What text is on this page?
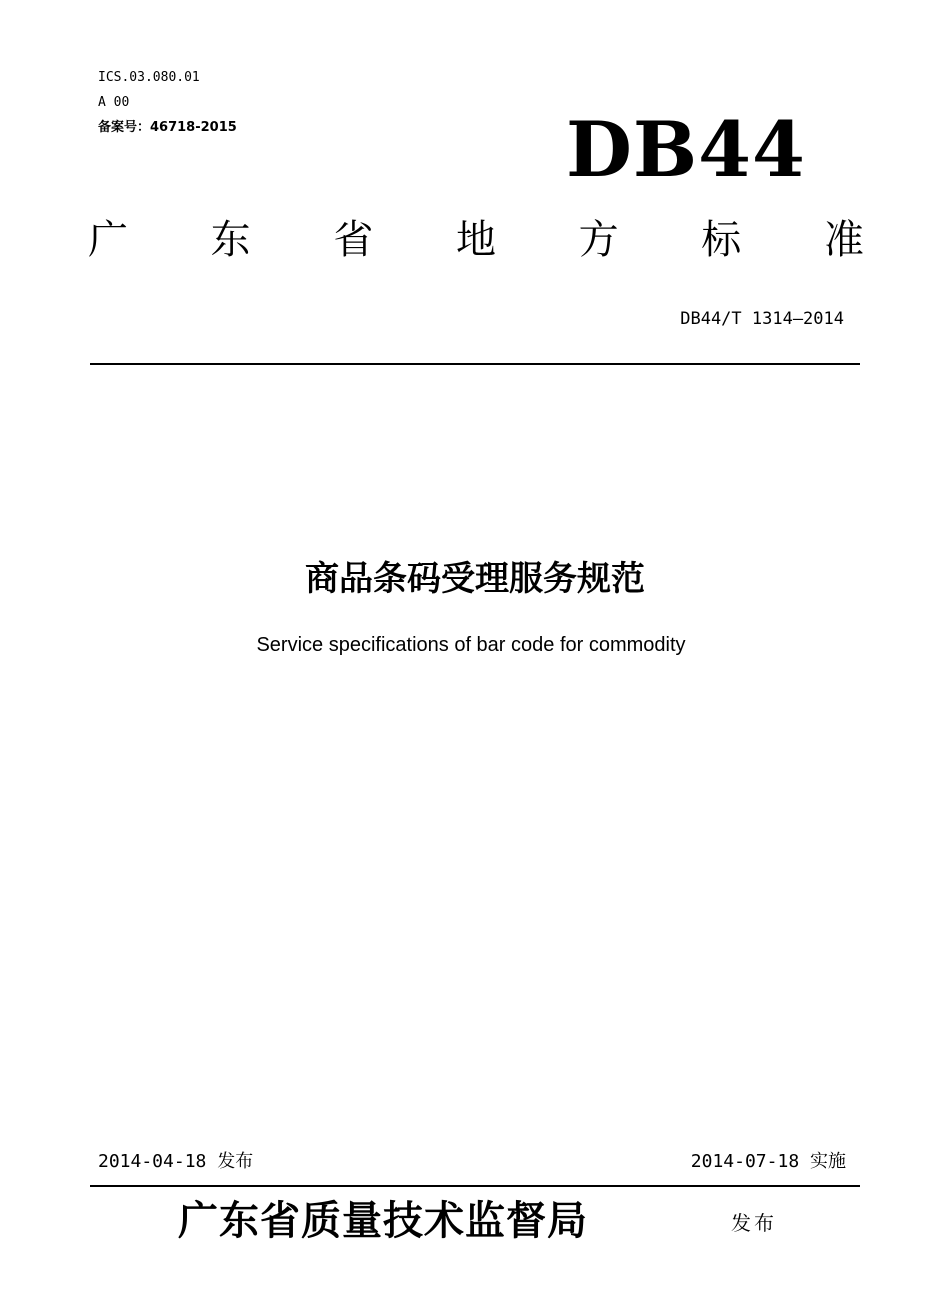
ICS.03.080.01
A 00
备案号：46718-2015	DB44
广 东 省 地 方 标 准
DB44/T 1314—2014
商品条码受理服务规范
Service specifications of bar code for commodity
2014-04-18 发布	2014-07-18 实施
广东省质量技术监督局	发布
